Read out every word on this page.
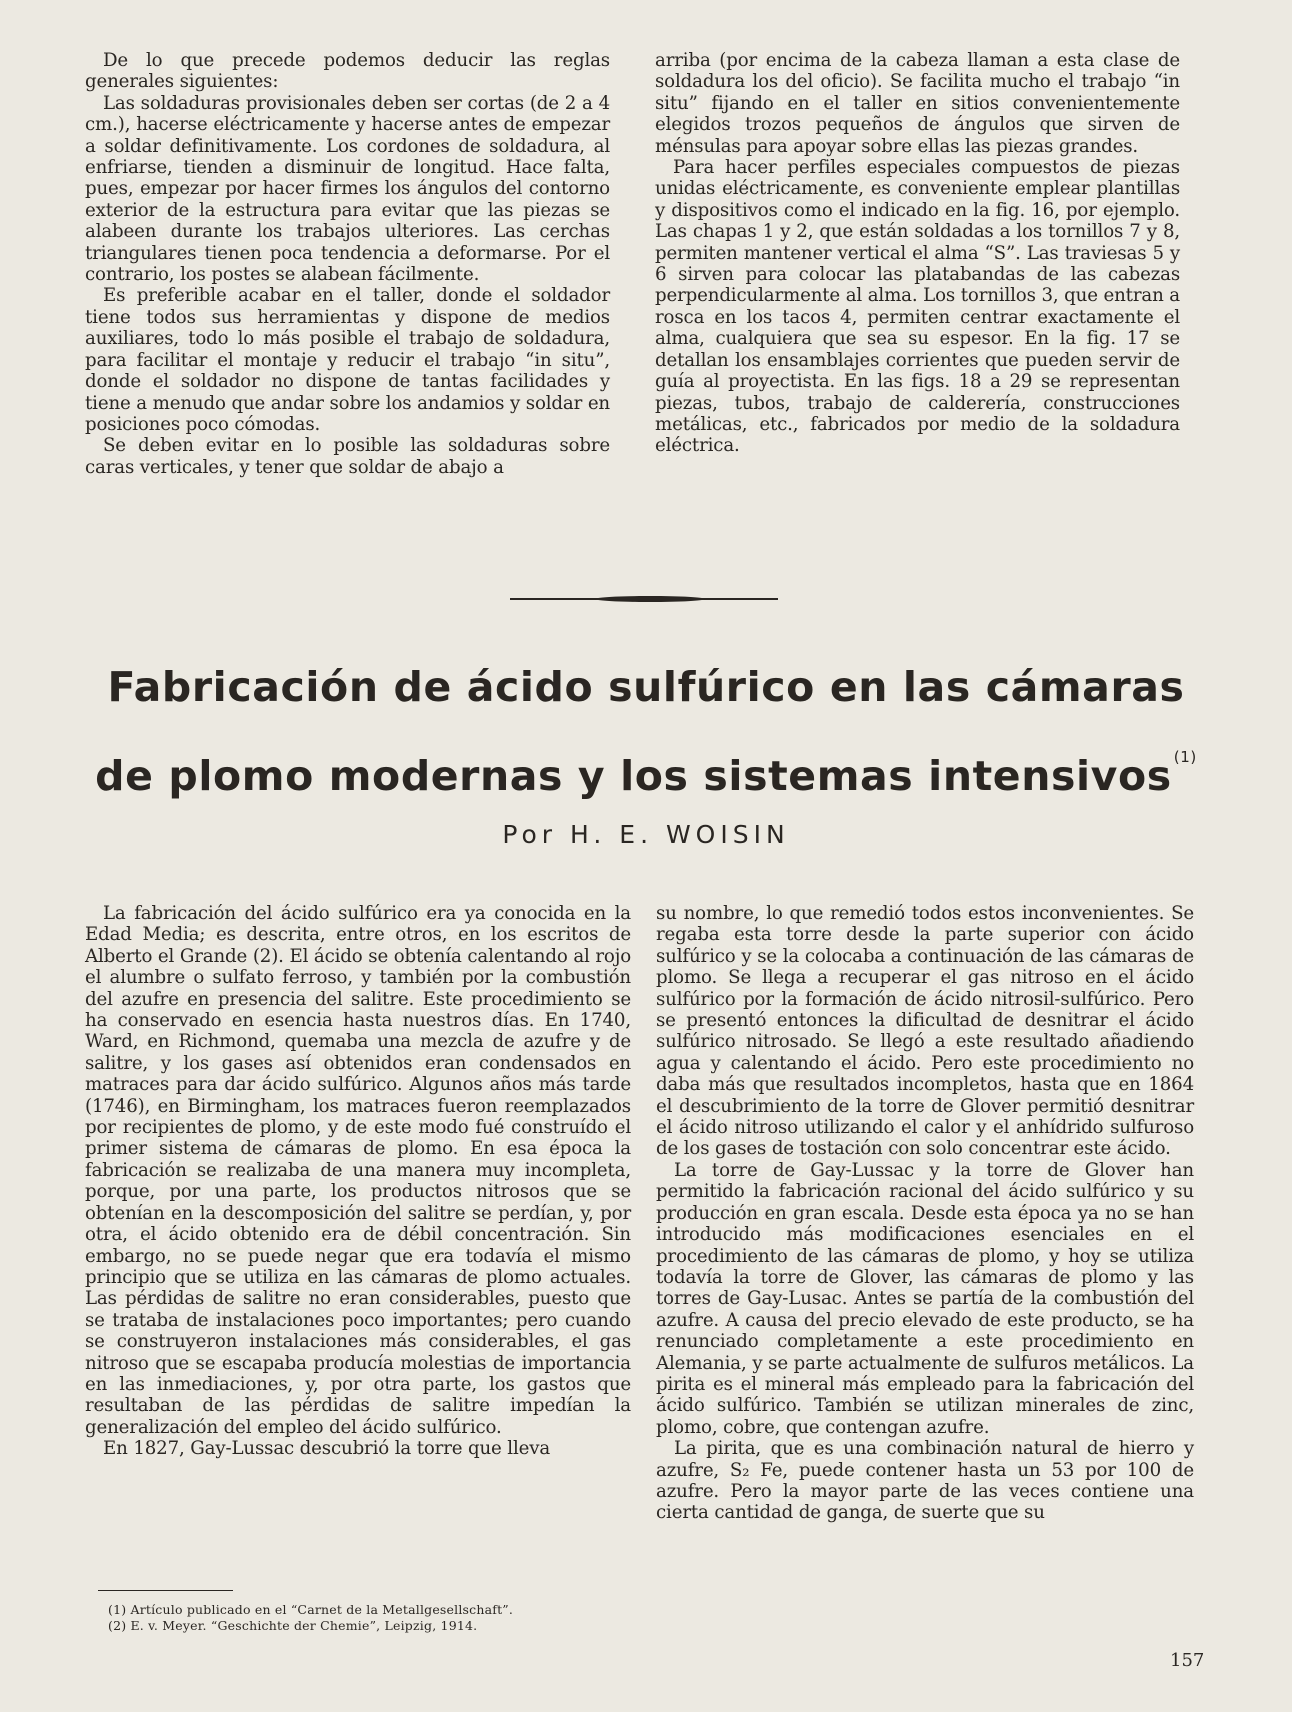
De lo que precede podemos deducir las reglas generales siguientes:

Las soldaduras provisionales deben ser cortas (de 2 a 4 cm.), hacerse eléctricamente y hacerse antes de empezar a soldar definitivamente. Los cordones de soldadura, al enfriarse, tienden a disminuir de longitud. Hace falta, pues, empezar por hacer firmes los ángulos del contorno exterior de la estructura para evitar que las piezas se alabeen durante los trabajos ulteriores. Las cerchas triangulares tienen poca tendencia a deformarse. Por el contrario, los postes se alabean fácilmente.

Es preferible acabar en el taller, donde el soldador tiene todos sus herramientas y dispone de medios auxiliares, todo lo más posible el trabajo de soldadura, para facilitar el montaje y reducir el trabajo “in situ”, donde el soldador no dispone de tantas facilidades y tiene a menudo que andar sobre los andamios y soldar en posiciones poco cómodas.

Se deben evitar en lo posible las soldaduras sobre caras verticales, y tener que soldar de abajo a

arriba (por encima de la cabeza llaman a esta clase de soldadura los del oficio). Se facilita mucho el trabajo “in situ” fijando en el taller en sitios convenientemente elegidos trozos pequeños de ángulos que sirven de ménsulas para apoyar sobre ellas las piezas grandes.

Para hacer perfiles especiales compuestos de piezas unidas eléctricamente, es conveniente emplear plantillas y dispositivos como el indicado en la fig. 16, por ejemplo. Las chapas 1 y 2, que están soldadas a los tornillos 7 y 8, permiten mantener vertical el alma “S”. Las traviesas 5 y 6 sirven para colocar las platabandas de las cabezas perpendicularmente al alma. Los tornillos 3, que entran a rosca en los tacos 4, permiten centrar exactamente el alma, cualquiera que sea su espesor. En la fig. 17 se detallan los ensamblajes corrientes que pueden servir de guía al proyectista. En las figs. 18 a 29 se representan piezas, tubos, trabajo de calderería, construcciones metálicas, etc., fabricados por medio de la soldadura eléctrica.

Fabricación de ácido sulfúrico en las cámaras
de plomo modernas y los sistemas intensivos $^{(1)}$
Por H. E. WOISIN

La fabricación del ácido sulfúrico era ya conocida en la Edad Media; es descrita, entre otros, en los escritos de Alberto el Grande (2). El ácido se obtenía calentando al rojo el alumbre o sulfato ferroso, y también por la combustión del azufre en presencia del salitre. Este procedimiento se ha conservado en esencia hasta nuestros días. En 1740, Ward, en Richmond, quemaba una mezcla de azufre y de salitre, y los gases así obtenidos eran condensados en matraces para dar ácido sulfúrico. Algunos años más tarde (1746), en Birmingham, los matraces fueron reemplazados por recipientes de plomo, y de este modo fué construído el primer sistema de cámaras de plomo. En esa época la fabricación se realizaba de una manera muy incompleta, porque, por una parte, los productos nitrosos que se obtenían en la descomposición del salitre se perdían, y, por otra, el ácido obtenido era de débil concentración. Sin embargo, no se puede negar que era todavía el mismo principio que se utiliza en las cámaras de plomo actuales. Las pérdidas de salitre no eran considerables, puesto que se trataba de instalaciones poco importantes; pero cuando se construyeron instalaciones más considerables, el gas nitroso que se escapaba producía molestias de importancia en las inmediaciones, y, por otra parte, los gastos que resultaban de las pérdidas de salitre impedían la generalización del empleo del ácido sulfúrico.

En 1827, Gay-Lussac descubrió la torre que lleva

su nombre, lo que remedió todos estos inconvenientes. Se regaba esta torre desde la parte superior con ácido sulfúrico y se la colocaba a continuación de las cámaras de plomo. Se llega a recuperar el gas nitroso en el ácido sulfúrico por la formación de ácido nitrosil-sulfúrico. Pero se presentó entonces la dificultad de desnitrar el ácido sulfúrico nitrosado. Se llegó a este resultado añadiendo agua y calentando el ácido. Pero este procedimiento no daba más que resultados incompletos, hasta que en 1864 el descubrimiento de la torre de Glover permitió desnitrar el ácido nitroso utilizando el calor y el anhídrido sulfuroso de los gases de tostación con solo concentrar este ácido.

La torre de Gay-Lussac y la torre de Glover han permitido la fabricación racional del ácido sulfúrico y su producción en gran escala. Desde esta época ya no se han introducido más modificaciones esenciales en el procedimiento de las cámaras de plomo, y hoy se utiliza todavía la torre de Glover, las cámaras de plomo y las torres de Gay-Lusac. Antes se partía de la combustión del azufre. A causa del precio elevado de este producto, se ha renunciado completamente a este procedimiento en Alemania, y se parte actualmente de sulfuros metálicos. La pirita es el mineral más empleado para la fabricación del ácido sulfúrico. También se utilizan minerales de zinc, plomo, cobre, que contengan azufre.

La pirita, que es una combinación natural de hierro y azufre, S₂ Fe, puede contener hasta un 53 por 100 de azufre. Pero la mayor parte de las veces contiene una cierta cantidad de ganga, de suerte que su

(1) Artículo publicado en el “Carnet de la Metallgesellschaft”.
(2) E. v. Meyer. “Geschichte der Chemie”, Leipzig, 1914.
157
